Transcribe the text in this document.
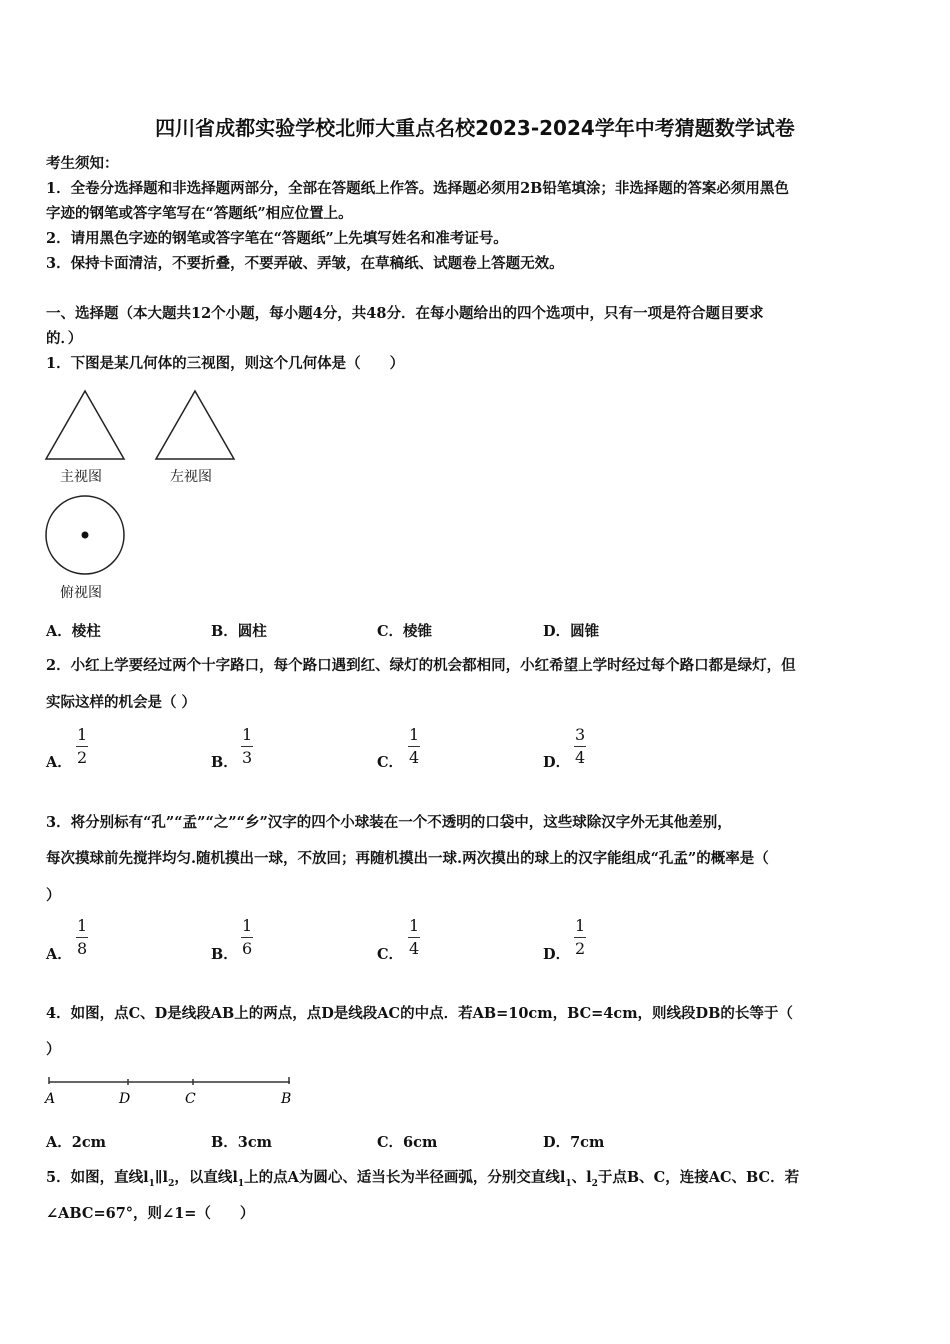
四川省成都实验学校北师大重点名校2023-2024学年中考猜题数学试卷
考生须知：
1．全卷分选择题和非选择题两部分，全部在答题纸上作答。选择题必须用2B铅笔填涂；非选择题的答案必须用黑色
字迹的钢笔或答字笔写在“答题纸”相应位置上。
2．请用黑色字迹的钢笔或答字笔在“答题纸”上先填写姓名和准考证号。
3．保持卡面清洁，不要折叠，不要弄破、弄皱，在草稿纸、试题卷上答题无效。
一、选择题（本大题共12个小题，每小题4分，共48分．在每小题给出的四个选项中，只有一项是符合题目要求
的．）
1．下图是某几何体的三视图，则这个几何体是（　　）
主视图	左视图
俯视图
A．棱柱	B．圆柱	C．棱锥	D．圆锥
2．小红上学要经过两个十字路口，每个路口遇到红、绿灯的机会都相同，小红希望上学时经过每个路口都是绿灯，但
实际这样的机会是（ ）
A．
1
2	B．
1
3	C．
1
4	D．
3
4
3．将分别标有“孔”“孟”“之”“乡”汉字的四个小球装在一个不透明的口袋中，这些球除汉字外无其他差别，
每次摸球前先搅拌均匀.随机摸出一球，不放回；再随机摸出一球.两次摸出的球上的汉字能组成“孔孟”的概率是（
）
A．
1
8	B．
1
6	C．
1
4	D．
1
2
4．如图，点C、D是线段AB上的两点，点D是线段AC的中点．若AB=10cm，BC=4cm，则线段DB的长等于（
）
A	D	C	B
A．2cm	B．3cm	C．6cm	D．7cm
5．如图，直线$l_1\parallel l_2$，以直线$l_1$上的点A为圆心、适当长为半径画弧，分别交直线$l_1$、$l_2$于点B、C，连接AC、BC．若
∠ABC=67°，则∠1=（　　）
